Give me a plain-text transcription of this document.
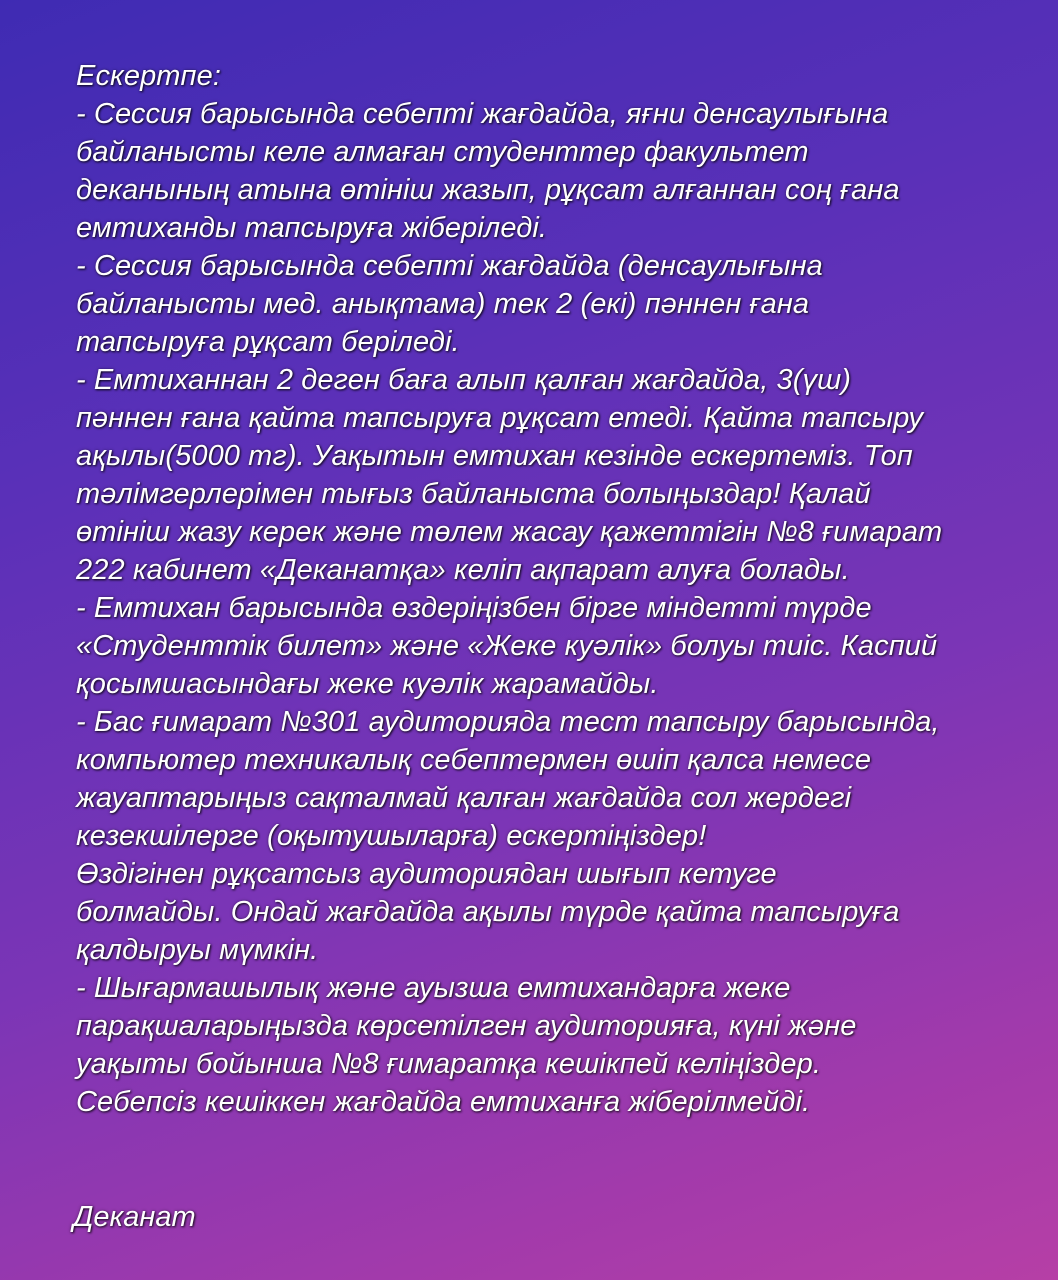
Ескертпе:
- Сессия барысында себепті жағдайда, яғни денсаулығына
байланысты келе алмаған студенттер факультет
деканының атына өтініш жазып, рұқсат алғаннан соң ғана
емтиханды тапсыруға жіберіледі.
- Сессия барысында себепті жағдайда (денсаулығына
байланысты мед. анықтама) тек 2 (екі) пәннен ғана
тапсыруға рұқсат беріледі.
- Емтиханнан 2 деген баға алып қалған жағдайда, 3(үш)
пәннен ғана қайта тапсыруға рұқсат етеді. Қайта тапсыру
ақылы(5000 тг). Уақытын емтихан кезінде ескертеміз. Топ
тәлімгерлерімен тығыз байланыста болыңыздар! Қалай
өтініш жазу керек және төлем жасау қажеттігін №8 ғимарат
222 кабинет «Деканатқа» келіп ақпарат алуға болады.
- Емтихан барысында өздеріңізбен бірге міндетті түрде
«Студенттік билет» және «Жеке куәлік» болуы тиіс. Каспий
қосымшасындағы жеке куәлік жарамайды.
- Бас ғимарат №301 аудиторияда тест тапсыру барысында,
компьютер техникалық себептермен өшіп қалса немесе
жауаптарыңыз сақталмай қалған жағдайда сол жердегі
кезекшілерге (оқытушыларға) ескертіңіздер!
Өздігінен рұқсатсыз аудиториядан шығып кетуге
болмайды. Ондай жағдайда ақылы түрде қайта тапсыруға
қалдыруы мүмкін.
- Шығармашылық және ауызша емтихандарға жеке
парақшаларыңызда көрсетілген аудиторияға, күні және
уақыты бойынша №8 ғимаратқа кешікпей келіңіздер.
Себепсіз кешіккен жағдайда емтиханға жіберілмейді.
Деканат
